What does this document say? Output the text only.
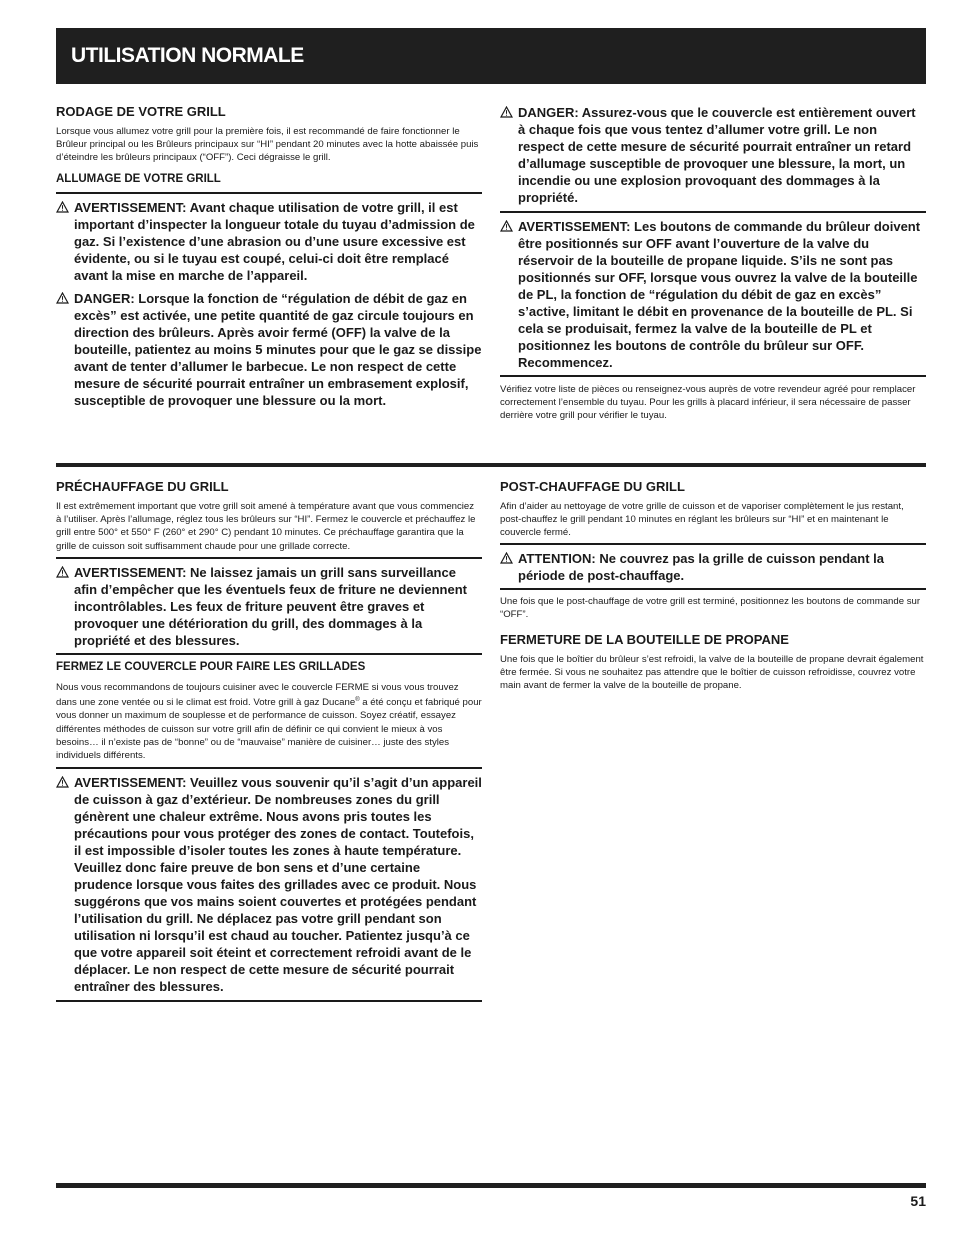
UTILISATION NORMALE

RODAGE DE VOTRE GRILL

Lorsque vous allumez votre grill pour la première fois, il est recommandé de faire fonctionner le Brûleur principal ou les Brûleurs principaux sur “HI” pendant 20 minutes avec la hotte abaissée puis d’éteindre les brûleurs principaux (“OFF”). Ceci dégraisse le grill.

ALLUMAGE DE VOTRE GRILL

AVERTISSEMENT: Avant chaque utilisation de votre grill, il est important d’inspecter la longueur totale du tuyau d’admission de gaz. Si l’existence d’une abrasion ou d’une usure excessive est évidente, ou si le tuyau est coupé, celui-ci doit être remplacé avant la mise en marche de l’appareil.

DANGER: Lorsque la fonction de “régulation de débit de gaz en excès” est activée, une petite quantité de gaz circule toujours en direction des brûleurs. Après avoir fermé (OFF) la valve de la bouteille, patientez au moins 5 minutes pour que le gaz se dissipe avant de tenter d’allumer le barbecue. Le non respect de cette mesure de sécurité pourrait entraîner un embrasement explosif, susceptible de provoquer une blessure ou la mort.

DANGER: Assurez-vous que le couvercle est entièrement ouvert à chaque fois que vous tentez d’allumer votre grill. Le non respect de cette mesure de sécurité pourrait entraîner un retard d’allumage susceptible de provoquer une blessure, la mort, un incendie ou une explosion provoquant des dommages à la propriété.

AVERTISSEMENT: Les boutons de commande du brûleur doivent être positionnés sur OFF avant l’ouverture de la valve du réservoir de la bouteille de propane liquide. S’ils ne sont pas positionnés sur OFF, lorsque vous ouvrez la valve de la bouteille de PL, la fonction de “régulation du débit de gaz en excès” s’active, limitant le débit en provenance de la bouteille de PL. Si cela se produisait, fermez la valve de la bouteille de PL et positionnez les boutons de contrôle du brûleur sur OFF. Recommencez.

Vérifiez votre liste de pièces ou renseignez-vous auprès de votre revendeur agréé pour remplacer correctement l’ensemble du tuyau. Pour les grills à placard inférieur, il sera nécessaire de passer derrière votre grill pour vérifier le tuyau.

PRÉCHAUFFAGE DU GRILL

Il est extrêmement important que votre grill soit amené à température avant que vous commenciez à l’utiliser. Après l’allumage, réglez tous les brûleurs sur “HI”. Fermez le couvercle et préchauffez le grill entre 500° et 550° F (260° et 290° C) pendant 10 minutes. Ce préchauffage garantira que la grille de cuisson soit suffisamment chaude pour une grillade correcte.

AVERTISSEMENT: Ne laissez jamais un grill sans surveillance afin d’empêcher que les éventuels feux de friture ne deviennent incontrôlables. Les feux de friture peuvent être graves et provoquer une détérioration du grill, des dommages à la propriété et des blessures.

FERMEZ LE COUVERCLE POUR FAIRE LES GRILLADES

Nous vous recommandons de toujours cuisiner avec le couvercle FERME si vous vous trouvez dans une zone ventée ou si le climat est froid. Votre grill à gaz Ducane® a été conçu et fabriqué pour vous donner un maximum de souplesse et de performance de cuisson. Soyez créatif, essayez différentes méthodes de cuisson sur votre grill afin de définir ce qui convient le mieux à vos besoins… il n’existe pas de “bonne” ou de “mauvaise” manière de cuisiner… juste des styles individuels différents.

AVERTISSEMENT: Veuillez vous souvenir qu’il s’agit d’un appareil de cuisson à gaz d’extérieur. De nombreuses zones du grill génèrent une chaleur extrême. Nous avons pris toutes les précautions pour vous protéger des zones de contact. Toutefois, il est impossible d’isoler toutes les zones à haute température. Veuillez donc faire preuve de bon sens et d’une certaine prudence lorsque vous faites des grillades avec ce produit. Nous suggérons que vos mains soient couvertes et protégées pendant l’utilisation du grill. Ne déplacez pas votre grill pendant son utilisation ni lorsqu’il est chaud au toucher. Patientez jusqu’à ce que votre appareil soit éteint et correctement refroidi avant de le déplacer. Le non respect de cette mesure de sécurité pourrait entraîner des blessures.

POST-CHAUFFAGE DU GRILL

Afin d’aider au nettoyage de votre grille de cuisson et de vaporiser complètement le jus restant, post-chauffez le grill pendant 10 minutes en réglant les brûleurs sur “HI” et en maintenant le couvercle fermé.

ATTENTION: Ne couvrez pas la grille de cuisson pendant la période de post-chauffage.

Une fois que le post-chauffage de votre grill est terminé, positionnez les boutons de commande sur “OFF”.

FERMETURE DE LA BOUTEILLE DE PROPANE

Une fois que le boîtier du brûleur s’est refroidi, la valve de la bouteille de propane devrait également être fermée. Si vous ne souhaitez pas attendre que le boîtier de cuisson refroidisse, couvrez votre main avant de fermer la valve de la bouteille de propane.

51
